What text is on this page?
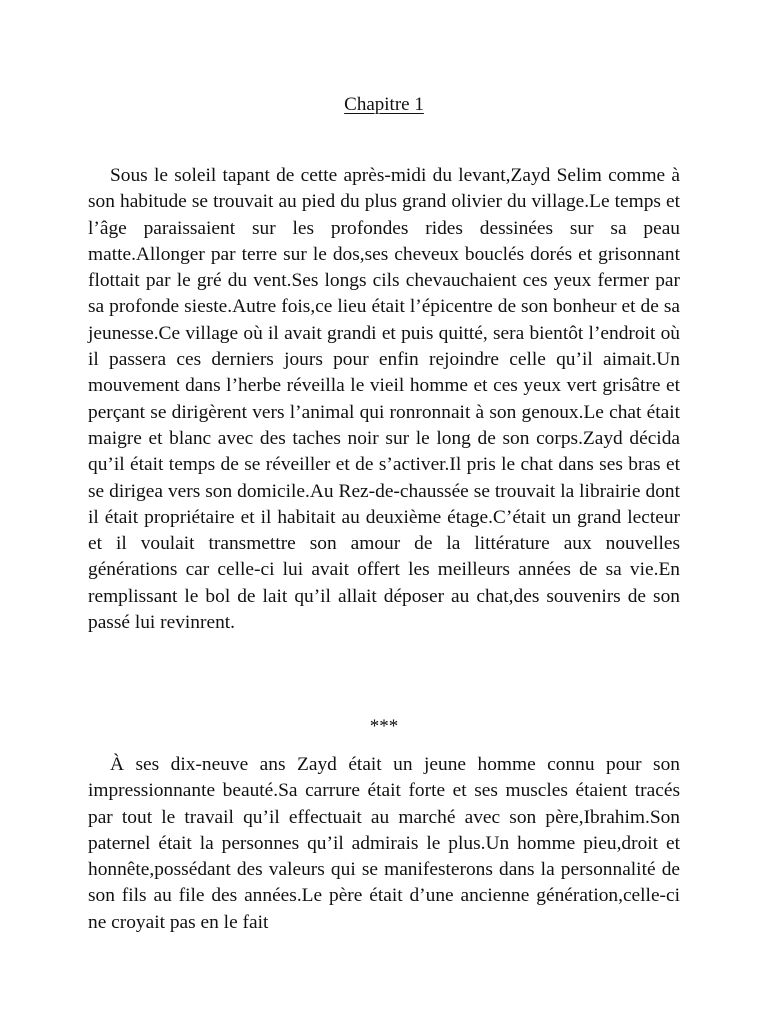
Chapitre 1

Sous le soleil tapant de cette après-midi du levant,Zayd Selim comme à son habitude se trouvait au pied du plus grand olivier du village.Le temps et l’âge paraissaient sur les profondes rides dessinées sur sa peau matte.Allonger par terre sur le dos,ses cheveux bouclés dorés et grisonnant flottait par le gré du vent.Ses longs cils chevauchaient ces yeux fermer par sa profonde sieste.Autre fois,ce lieu était l’épicentre de son bonheur et de sa jeunesse.Ce village où il avait grandi et puis quitté, sera bientôt l’endroit où il passera ces derniers jours pour enfin rejoindre celle qu’il aimait.Un mouvement dans l’herbe réveilla le vieil homme et ces yeux vert grisâtre et perçant se dirigèrent vers l’animal qui ronronnait à son genoux.Le chat était maigre et blanc avec des taches noir sur le long de son corps.Zayd décida qu’il était temps de se réveiller et de s’activer.Il pris le chat dans ses bras et se dirigea vers son domicile.Au Rez-de-chaussée se trouvait la librairie dont il était propriétaire et il habitait au deuxième étage.C’était un grand lecteur et il voulait transmettre son amour de la littérature aux nouvelles générations car celle-ci lui avait offert les meilleurs années de sa vie.En remplissant le bol de lait qu’il allait déposer au chat,des souvenirs de son passé lui revinrent.

***

À ses dix-neuve ans Zayd était un jeune homme connu pour son impressionnante beauté.Sa carrure était forte et ses muscles étaient tracés par tout le travail qu’il effectuait au marché avec son père,Ibrahim.Son paternel était la personnes qu’il admirais le plus.Un homme pieu,droit et honnête,possédant des valeurs qui se manifesterons dans la personnalité de son fils au file des années.Le père était d’une ancienne génération,celle-ci ne croyait pas en le fait
